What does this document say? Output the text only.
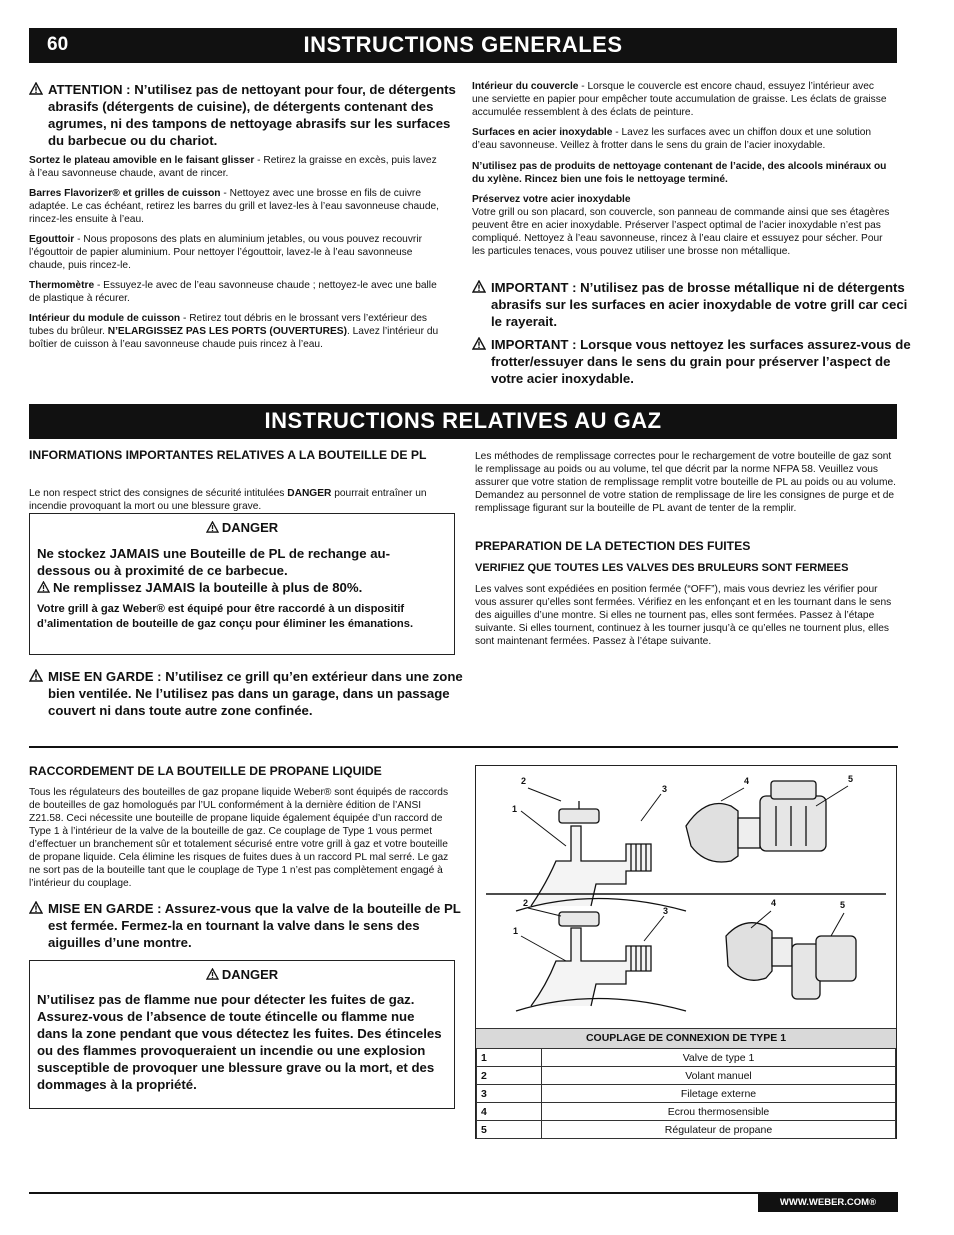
60	INSTRUCTIONS GENERALES
ATTENTION : N’utilisez pas de nettoyant pour four, de détergents abrasifs (détergents de cuisine), de détergents contenant des agrumes, ni des tampons de nettoyage abrasifs sur les surfaces du barbecue ou du chariot.
Sortez le plateau amovible en le faisant glisser - Retirez la graisse en excès, puis lavez à l’eau savonneuse chaude, avant de rincer.
Barres Flavorizer® et grilles de cuisson - Nettoyez avec une brosse en fils de cuivre adaptée. Le cas échéant, retirez les barres du grill et lavez-les à l’eau savonneuse chaude, rincez-les ensuite à l’eau.
Egouttoir - Nous proposons des plats en aluminium jetables, ou vous pouvez recouvrir l’égouttoir de papier aluminium. Pour nettoyer l’égouttoir, lavez-le à l’eau savonneuse chaude, puis rincez-le.
Thermomètre - Essuyez-le avec de l’eau savonneuse chaude ; nettoyez-le avec une balle de plastique à récurer.
Intérieur du module de cuisson - Retirez tout débris en le brossant vers l’extérieur des tubes du brûleur. N’ELARGISSEZ PAS LES PORTS (OUVERTURES). Lavez l’intérieur du boîtier de cuisson à l’eau savonneuse chaude puis rincez à l’eau.
Intérieur du couvercle - Lorsque le couvercle est encore chaud, essuyez l’intérieur avec une serviette en papier pour empêcher toute accumulation de graisse. Les éclats de graisse accumulée ressemblent à des éclats de peinture.
Surfaces en acier inoxydable - Lavez les surfaces avec un chiffon doux et une solution d’eau savonneuse. Veillez à frotter dans le sens du grain de l’acier inoxydable.
N’utilisez pas de produits de nettoyage contenant de l’acide, des alcools minéraux ou du xylène. Rincez bien une fois le nettoyage terminé.
Préservez votre acier inoxydable
Votre grill ou son placard, son couvercle, son panneau de commande ainsi que ses étagères peuvent être en acier inoxydable. Préserver l’aspect optimal de l’acier inoxydable n’est pas compliqué. Nettoyez à l’eau savonneuse, rincez à l’eau claire et essuyez pour sécher. Pour les particules tenaces, vous pouvez utiliser une brosse non métallique.
IMPORTANT : N’utilisez pas de brosse métallique ni de détergents abrasifs sur les surfaces en acier inoxydable de votre grill car ceci le rayerait.
IMPORTANT : Lorsque vous nettoyez les surfaces assurez-vous de frotter/essuyer dans le sens du grain pour préserver l’aspect de votre acier inoxydable.
INSTRUCTIONS RELATIVES AU GAZ
INFORMATIONS IMPORTANTES RELATIVES A LA BOUTEILLE DE PL
Le non respect strict des consignes de sécurité intitulées DANGER pourrait entraîner un incendie provoquant la mort ou une blessure grave.
DANGER
Ne stockez JAMAIS une Bouteille de PL de rechange au-dessous ou à proximité de ce barbecue.
Ne remplissez JAMAIS la bouteille à plus de 80%.
Votre grill à gaz Weber® est équipé pour être raccordé à un dispositif d’alimentation de bouteille de gaz conçu pour éliminer les émanations.
MISE EN GARDE : N’utilisez ce grill qu’en extérieur dans une zone bien ventilée. Ne l’utilisez pas dans un garage, dans un passage couvert ni dans toute autre zone confinée.
Les méthodes de remplissage correctes pour le rechargement de votre bouteille de gaz sont le remplissage au poids ou au volume, tel que décrit par la norme NFPA 58. Veuillez vous assurer que votre station de remplissage remplit votre bouteille de PL au poids ou au volume. Demandez au personnel de votre station de remplissage de lire les consignes de purge et de remplissage figurant sur la bouteille de PL avant de tenter de la remplir.
PREPARATION DE LA DETECTION DES FUITES
VERIFIEZ QUE TOUTES LES VALVES DES BRULEURS SONT FERMEES
Les valves sont expédiées en position fermée (“OFF”), mais vous devriez les vérifier pour vous assurer qu’elles sont fermées. Vérifiez en les enfonçant et en les tournant dans le sens des aiguilles d’une montre. Si elles ne tournent pas, elles sont fermées. Passez à l’étape suivante. Si elles tournent, continuez à les tourner jusqu’à ce qu’elles ne tournent plus, elles sont maintenant fermées. Passez à l’étape suivante.
RACCORDEMENT DE LA BOUTEILLE DE PROPANE LIQUIDE
Tous les régulateurs des bouteilles de gaz propane liquide Weber® sont équipés de raccords de bouteilles de gaz homologués par l’UL conformément à la dernière édition de l’ANSI Z21.58. Ceci nécessite une bouteille de propane liquide également équipée d’un raccord de Type 1 à l’intérieur de la valve de la bouteille de gaz. Ce couplage de Type 1 vous permet d’effectuer un branchement sûr et totalement sécurisé entre votre grill à gaz et votre bouteille de propane liquide. Cela élimine les risques de fuites dues à un raccord PL mal serré. Le gaz ne sort pas de la bouteille tant que le couplage de Type 1 n’est pas complètement engagé à l’intérieur du couplage.
MISE EN GARDE : Assurez-vous que la valve de la bouteille de PL est fermée. Fermez-la en tournant la valve dans le sens des aiguilles d’une montre.
DANGER
N’utilisez pas de flamme nue pour détecter les fuites de gaz. Assurez-vous de l’absence de toute étincelle ou flamme nue dans la zone pendant que vous détectez les fuites. Des étinceles ou des flammes provoqueraient un incendie ou une explosion susceptible de provoquer une blessure grave ou la mort, et des dommages à la propriété.
2
1
3
4	5
2
1
3
4	5
COUPLAGE DE CONNEXION DE TYPE 1
1	Valve de type 1
2	Volant manuel
3	Filetage externe
4	Ecrou thermosensible
5	Régulateur de propane
WWW.WEBER.COM®
